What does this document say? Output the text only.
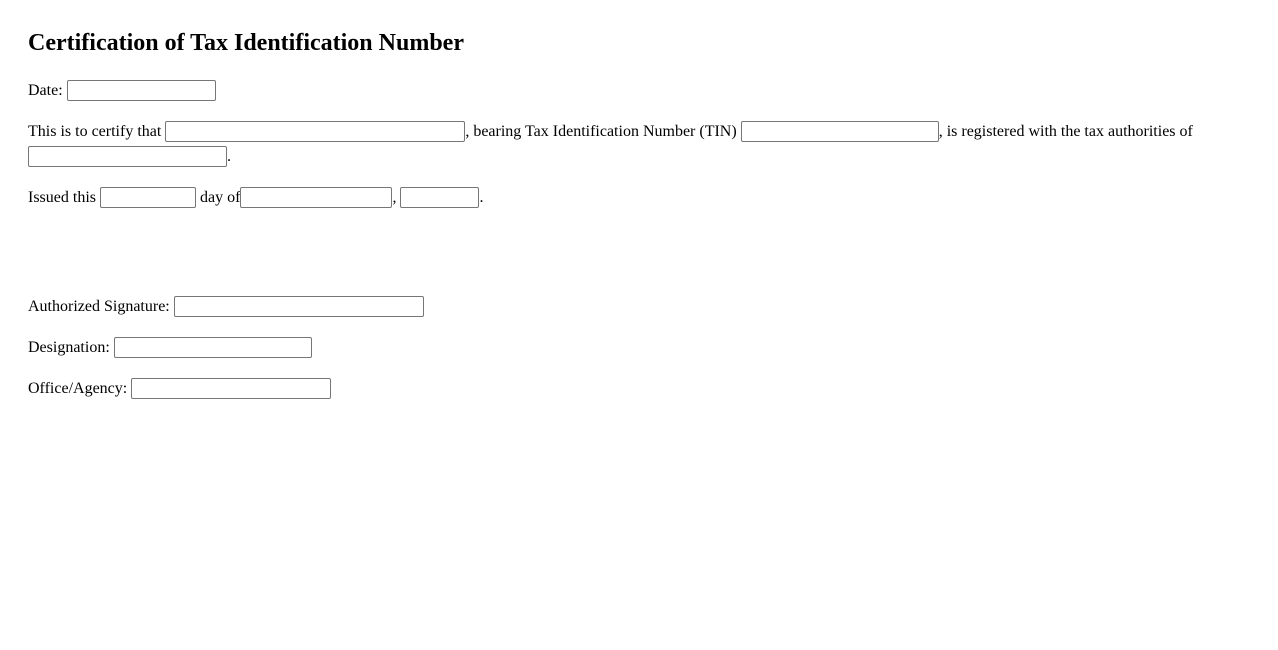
Certification of Tax Identification Number

Date:

This is to certify that	, bearing Tax Identification Number (TIN)	, is registered with the tax authorities of .

Issued this	day of	,	.

Authorized Signature:

Designation:

Office/Agency:
